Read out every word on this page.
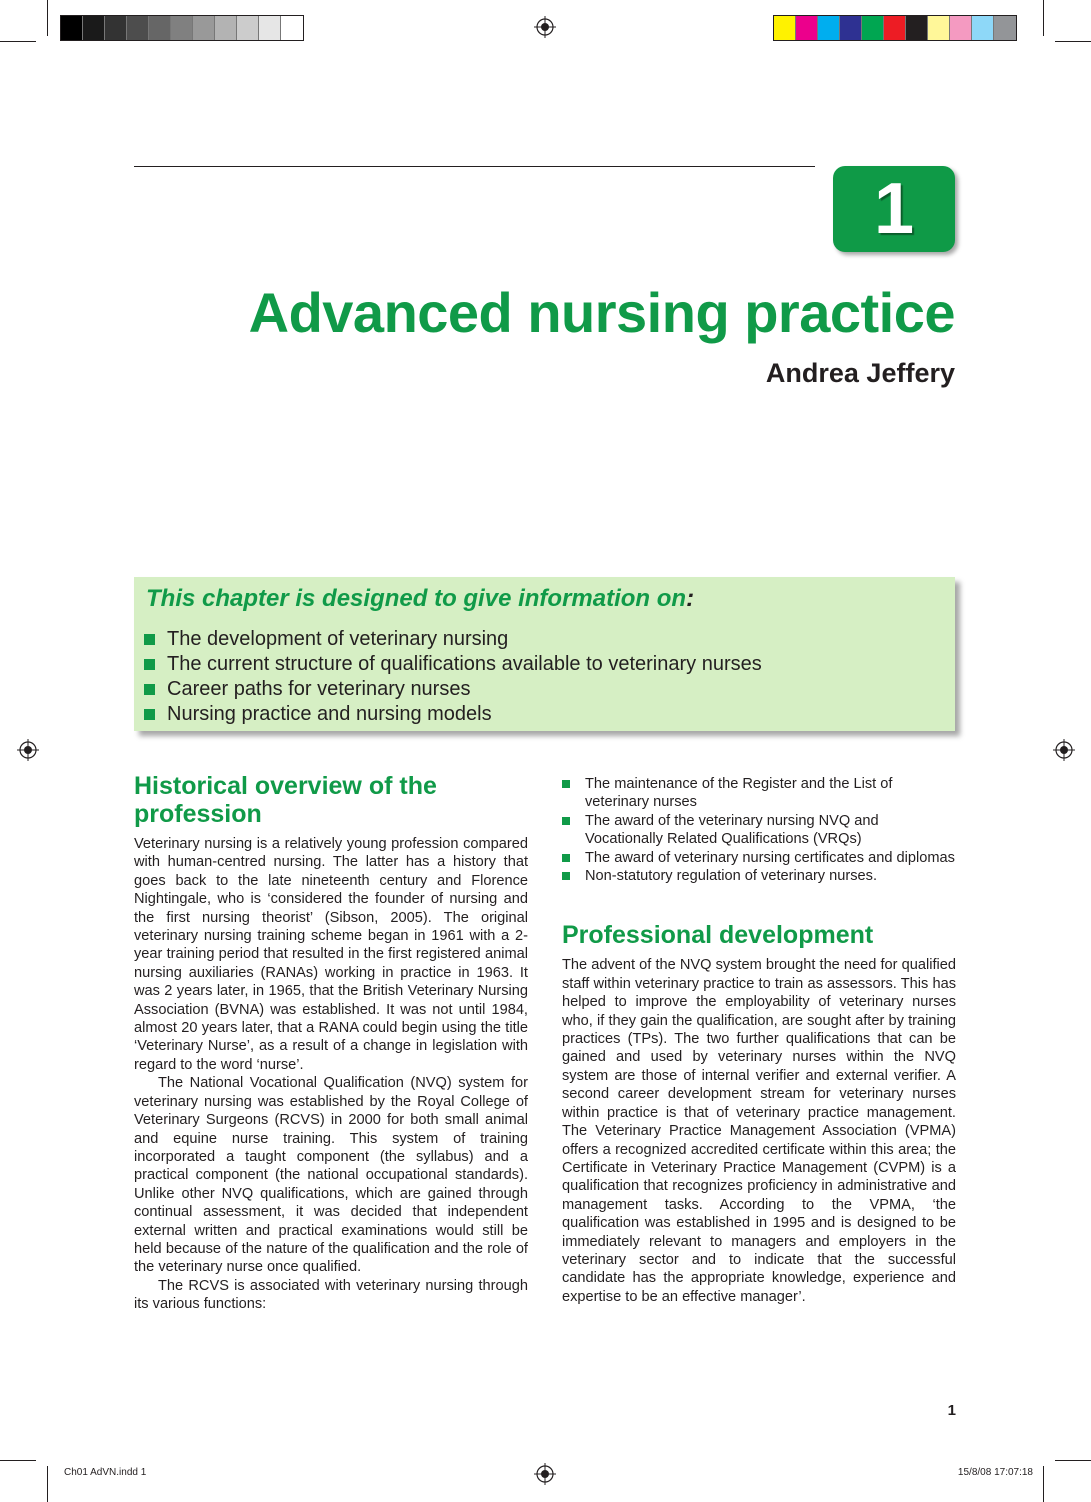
1
Advanced nursing practice
Andrea Jeffery
This chapter is designed to give information on:
The development of veterinary nursing
The current structure of qualifications available to veterinary nurses
Career paths for veterinary nurses
Nursing practice and nursing models
Historical overview of the profession

Veterinary nursing is a relatively young profession compared with human-centred nursing. The latter has a history that goes back to the late nineteenth century and Florence Nightingale, who is ‘considered the founder of nursing and the first nursing theorist’ (Sibson, 2005). The original veterinary nursing training scheme began in 1961 with a 2-year training period that resulted in the first registered animal nursing auxiliaries (RANAs) working in practice in 1963. It was 2 years later, in 1965, that the British Veterinary Nursing Association (BVNA) was established. It was not until 1984, almost 20 years later, that a RANA could begin using the title ‘Veterinary Nurse’, as a result of a change in legislation with regard to the word ‘nurse’.

The National Vocational Qualification (NVQ) system for veterinary nursing was established by the Royal College of Veterinary Surgeons (RCVS) in 2000 for both small animal and equine nurse training. This system of training incorporated a taught component (the syllabus) and a practical component (the national occupational standards). Unlike other NVQ qualifications, which are gained through continual assessment, it was decided that independent external written and practical examinations would still be held because of the nature of the qualification and the role of the veterinary nurse once qualified.

The RCVS is associated with veterinary nursing through its various functions:

The maintenance of the Register and the List of veterinary nurses
The award of the veterinary nursing NVQ and Vocationally Related Qualifications (VRQs)
The award of veterinary nursing certificates and diplomas
Non-statutory regulation of veterinary nurses.
Professional development

The advent of the NVQ system brought the need for qualified staff within veterinary practice to train as assessors. This has helped to improve the employability of veterinary nurses who, if they gain the qualification, are sought after by training practices (TPs). The two further qualifications that can be gained and used by veterinary nurses within the NVQ system are those of internal verifier and external verifier. A second career development stream for veterinary nurses within practice is that of veterinary practice management. The Veterinary Practice Management Association (VPMA) offers a recognized accredited certificate within this area; the Certificate in Veterinary Practice Management (CVPM) is a qualification that recognizes proficiency in administrative and management tasks. According to the VPMA, ‘the qualification was established in 1995 and is designed to be immediately relevant to managers and employers in the veterinary sector and to indicate that the successful candidate has the appropriate knowledge, experience and expertise to be an effective manager’.

1
Ch01 AdVN.indd 1	15/8/08 17:07:18
